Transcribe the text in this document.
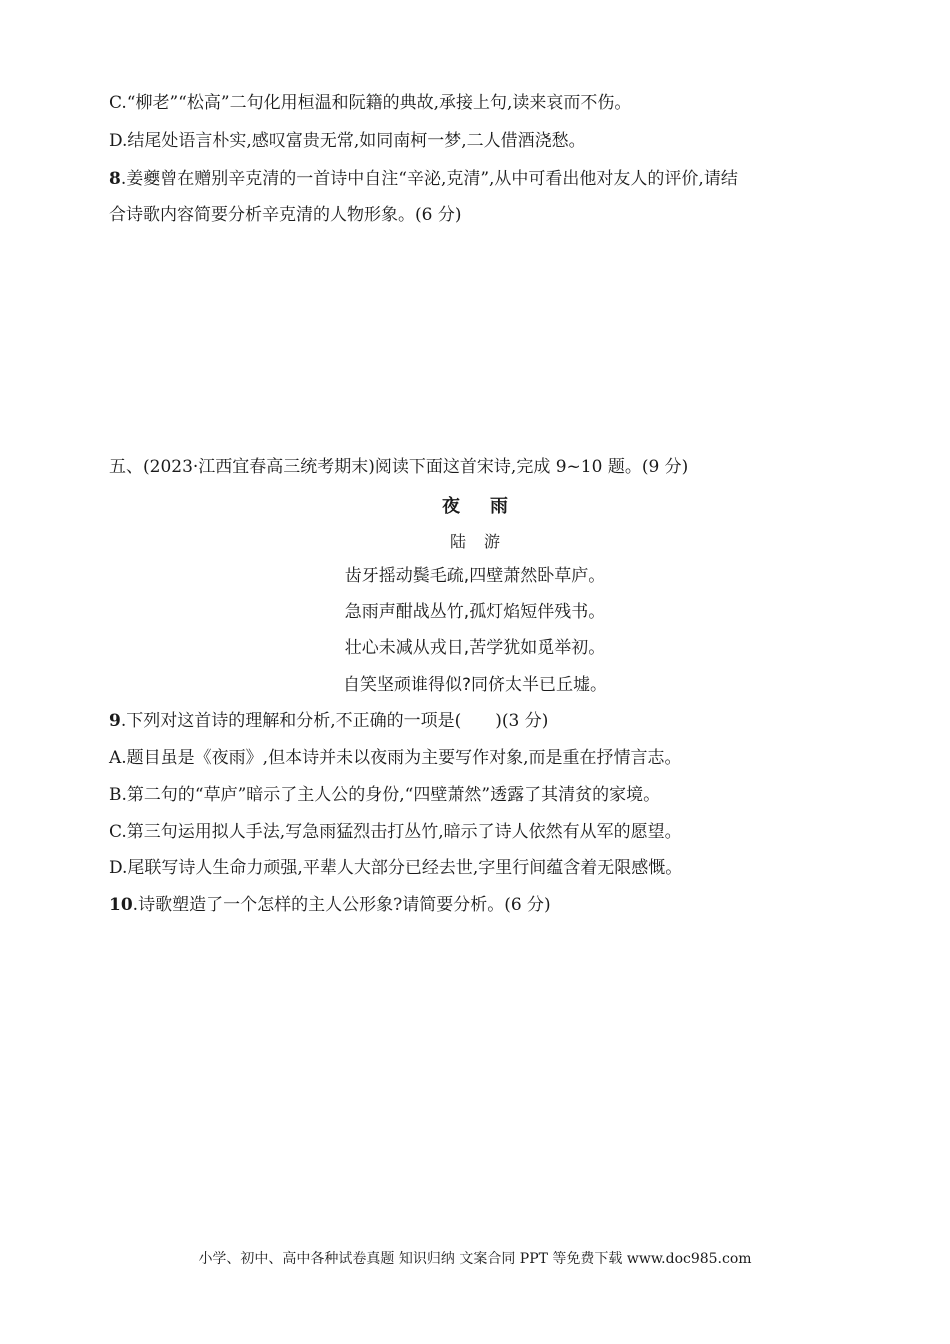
C.“柳老”“松高”二句化用桓温和阮籍的典故,承接上句,读来哀而不伤。
D.结尾处语言朴实,感叹富贵无常,如同南柯一梦,二人借酒浇愁。
8.姜夔曾在赠别辛克清的一首诗中自注“辛泌,克清”,从中可看出他对友人的评价,请结
合诗歌内容简要分析辛克清的人物形象。(6 分)
五、(2023·江西宜春高三统考期末)阅读下面这首宋诗,完成 9~10 题。(9 分)
夜雨
陆游
齿牙摇动鬓毛疏,四壁萧然卧草庐。
急雨声酣战丛竹,孤灯焰短伴残书。
壮心未减从戎日,苦学犹如觅举初。
自笑坚顽谁得似?同侪太半已丘墟。
9.下列对这首诗的理解和分析,不正确的一项是(　　)(3 分)
A.题目虽是《夜雨》,但本诗并未以夜雨为主要写作对象,而是重在抒情言志。
B.第二句的“草庐”暗示了主人公的身份,“四壁萧然”透露了其清贫的家境。
C.第三句运用拟人手法,写急雨猛烈击打丛竹,暗示了诗人依然有从军的愿望。
D.尾联写诗人生命力顽强,平辈人大部分已经去世,字里行间蕴含着无限感慨。
10.诗歌塑造了一个怎样的主人公形象?请简要分析。(6 分)
小学、初中、高中各种试卷真题 知识归纳 文案合同 PPT 等免费下载 www.doc985.com
